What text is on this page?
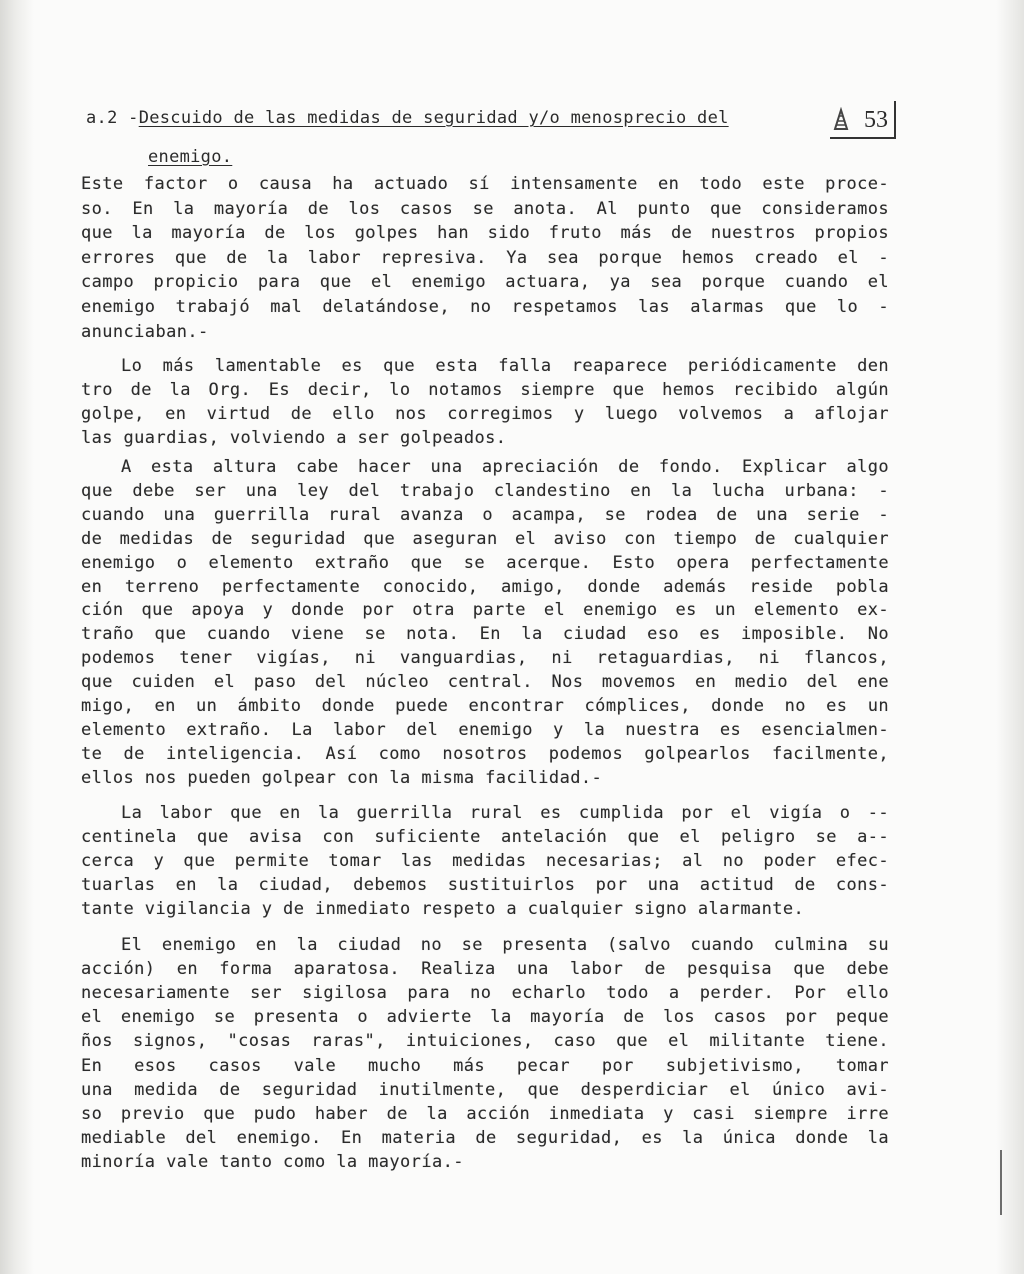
a.2 -Descuido de las medidas de seguridad y/o menosprecio del
enemigo.
53
Este factor o causa ha actuado sí intensamente en todo este proce-
so. En la mayoría de los casos se anota. Al punto que consideramos
que la mayoría de los golpes han sido fruto más de nuestros propios
errores que de la labor represiva. Ya sea porque hemos creado el -
campo propicio para que el enemigo actuara, ya sea porque cuando el
enemigo trabajó mal delatándose, no respetamos las alarmas que lo -
anunciaban.-
Lo más lamentable es que esta falla reaparece periódicamente den
tro de la Org. Es decir, lo notamos siempre que hemos recibido algún
golpe, en virtud de ello nos corregimos y luego volvemos a aflojar
las guardias, volviendo a ser golpeados.
A esta altura cabe hacer una apreciación de fondo. Explicar algo
que debe ser una ley del trabajo clandestino en la lucha urbana: -
cuando una guerrilla rural avanza o acampa, se rodea de una serie -
de medidas de seguridad que aseguran el aviso con tiempo de cualquier
enemigo o elemento extraño que se acerque. Esto opera perfectamente
en terreno perfectamente conocido, amigo, donde además reside pobla
ción que apoya y donde por otra parte el enemigo es un elemento ex-
traño que cuando viene se nota. En la ciudad eso es imposible. No
podemos tener vigías, ni vanguardias, ni retaguardias, ni flancos,
que cuiden el paso del núcleo central. Nos movemos en medio del ene
migo, en un ámbito donde puede encontrar cómplices, donde no es un
elemento extraño. La labor del enemigo y la nuestra es esencialmen-
te de inteligencia. Así como nosotros podemos golpearlos facilmente,
ellos nos pueden golpear con la misma facilidad.-
La labor que en la guerrilla rural es cumplida por el vigía o --
centinela que avisa con suficiente antelación que el peligro se a--
cerca y que permite tomar las medidas necesarias; al no poder efec-
tuarlas en la ciudad, debemos sustituirlos por una actitud de cons-
tante vigilancia y de inmediato respeto a cualquier signo alarmante.
El enemigo en la ciudad no se presenta (salvo cuando culmina su
acción) en forma aparatosa. Realiza una labor de pesquisa que debe
necesariamente ser sigilosa para no echarlo todo a perder. Por ello
el enemigo se presenta o advierte la mayoría de los casos por peque
ños signos, "cosas raras", intuiciones, caso que el militante tiene.
En esos casos vale mucho más pecar por subjetivismo, tomar
una medida de seguridad inutilmente, que desperdiciar el único avi-
so previo que pudo haber de la acción inmediata y casi siempre irre
mediable del enemigo. En materia de seguridad, es la única donde la
minoría vale tanto como la mayoría.-
